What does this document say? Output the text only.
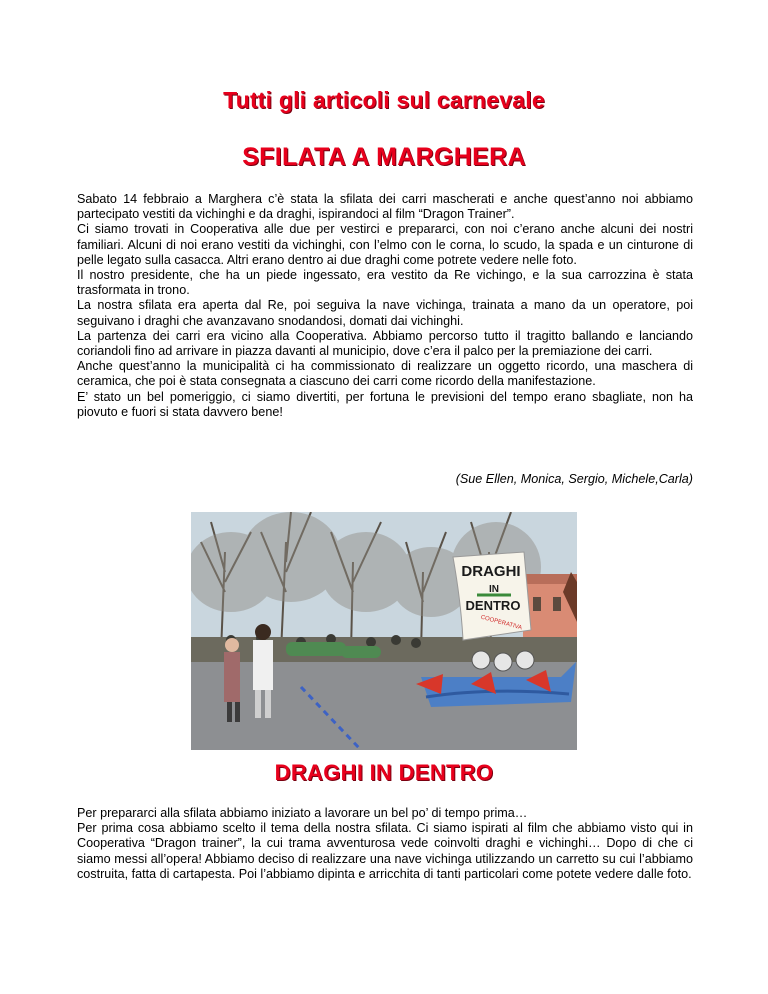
Tutti gli articoli sul carnevale
SFILATA A MARGHERA

Sabato 14 febbraio a Marghera c’è stata la sfilata dei carri mascherati e anche quest’anno noi abbiamo partecipato vestiti da vichinghi e da draghi, ispirandoci al film “Dragon Trainer”.

Ci siamo trovati in Cooperativa alle due per vestirci e prepararci, con noi c’erano anche alcuni dei nostri familiari. Alcuni di noi erano vestiti da vichinghi, con l’elmo con le corna, lo scudo, la spada e un cinturone di pelle legato sulla casacca. Altri erano dentro ai due draghi come potrete vedere nelle foto.

Il nostro presidente, che ha un piede ingessato, era vestito da Re vichingo, e la sua carrozzina è stata trasformata in trono.

La nostra sfilata era aperta dal Re, poi seguiva la nave vichinga, trainata a mano da un operatore, poi seguivano i draghi che avanzavano snodandosi, domati dai vichinghi.

La partenza dei carri era vicino alla Cooperativa. Abbiamo percorso tutto il tragitto ballando e lanciando coriandoli fino ad arrivare in piazza davanti al municipio, dove c’era il palco per la premiazione dei carri.

Anche quest’anno la municipalità ci ha commissionato di realizzare un oggetto ricordo, una maschera di ceramica, che poi è stata consegnata a ciascuno dei carri come ricordo della manifestazione.

E’ stato un bel pomeriggio, ci siamo divertiti, per fortuna le previsioni del tempo erano sbagliate, non ha piovuto e fuori si stata davvero bene!

(Sue Ellen, Monica, Sergio, Michele,Carla)
DRAGHI
IN
DENTRO
COOPERATIVA
DRAGHI IN DENTRO

Per prepararci alla sfilata abbiamo iniziato a lavorare un bel po’ di tempo prima…

Per prima cosa abbiamo scelto il tema della nostra sfilata. Ci siamo ispirati al film che abbiamo visto qui in Cooperativa “Dragon trainer”, la cui trama avventurosa vede coinvolti draghi e vichinghi… Dopo di che ci siamo messi all’opera! Abbiamo deciso di realizzare una nave vichinga utilizzando un carretto su cui l’abbiamo costruita, fatta di cartapesta. Poi l’abbiamo dipinta e arricchita di tanti particolari come potete vedere dalle foto.
